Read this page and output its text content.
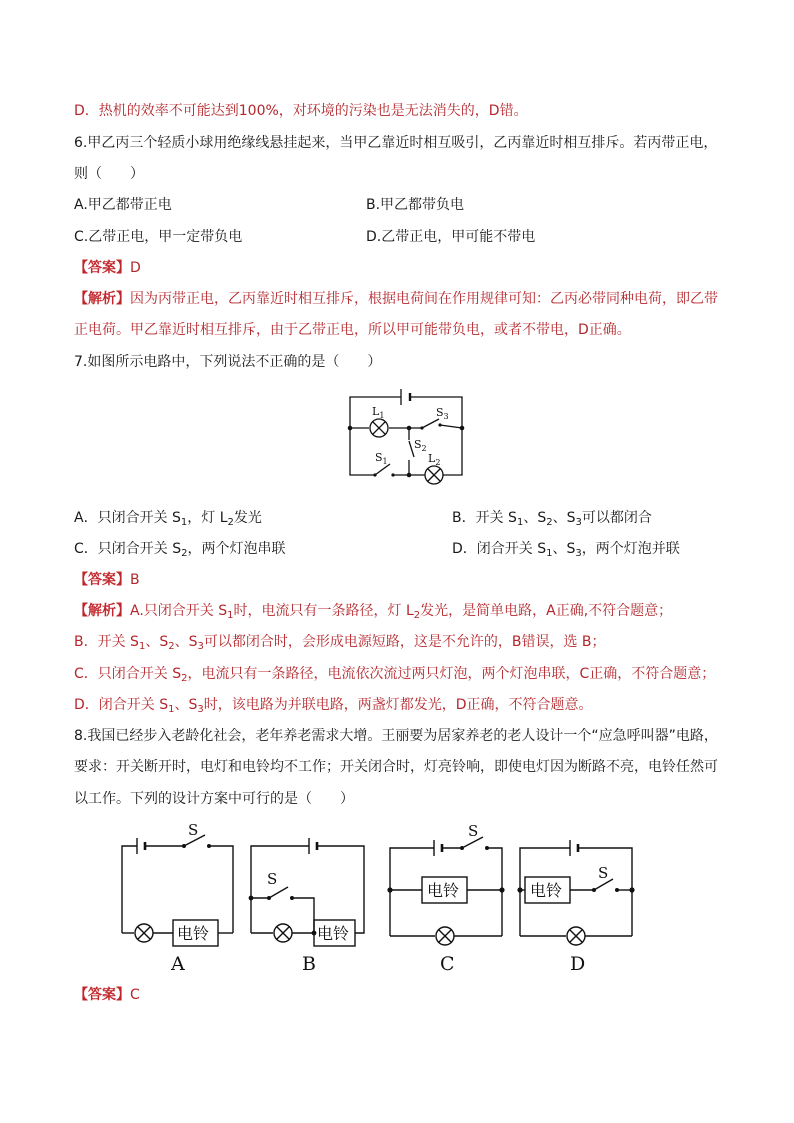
D．热机的效率不可能达到100%，对环境的污染也是无法消失的，D错。
6.甲乙丙三个轻质小球用绝缘线悬挂起来，当甲乙靠近时相互吸引，乙丙靠近时相互排斥。若丙带正电，
则（　　）
A.甲乙都带正电	B.甲乙都带负电
C.乙带正电，甲一定带负电	D.乙带正电，甲可能不带电
【答案】D
【解析】因为丙带正电，乙丙靠近时相互排斥，根据电荷间在作用规律可知：乙丙必带同种电荷，即乙带
正电荷。甲乙靠近时相互排斥，由于乙带正电，所以甲可能带负电，或者不带电，D正确。
7.如图所示电路中，下列说法不正确的是（　　）
$L_1$	$S_3$
$S_2$
$S_1$	$L_2$
A．只闭合开关 $S_1$，灯 $L_2$发光	B．开关 $S_1$、$S_2$、$S_3$可以都闭合
C．只闭合开关 $S_2$，两个灯泡串联	D．闭合开关 $S_1$、$S_3$，两个灯泡并联
【答案】B
【解析】A.只闭合开关 $S_1$时，电流只有一条路径，灯 $L_2$发光，是简单电路，A正确,不符合题意；
B．开关 $S_1$、$S_2$、$S_3$可以都闭合时，会形成电源短路，这是不允许的，B错误，选 B；
C．只闭合开关 $S_2$，电流只有一条路径，电流依次流过两只灯泡，两个灯泡串联，C正确，不符合题意；
D．闭合开关 $S_1$、$S_3$时，该电路为并联电路，两盏灯都发光，D正确，不符合题意。
8.我国已经步入老龄化社会，老年养老需求大增。王丽要为居家养老的老人设计一个“应急呼叫器”电路，
要求：开关断开时，电灯和电铃均不工作；开关闭合时，灯亮铃响，即使电灯因为断路不亮，电铃任然可
以工作。下列的设计方案中可行的是（　　）
S
S
S
S
电铃	电铃
电铃	电铃
A	B	C	D
【答案】C
